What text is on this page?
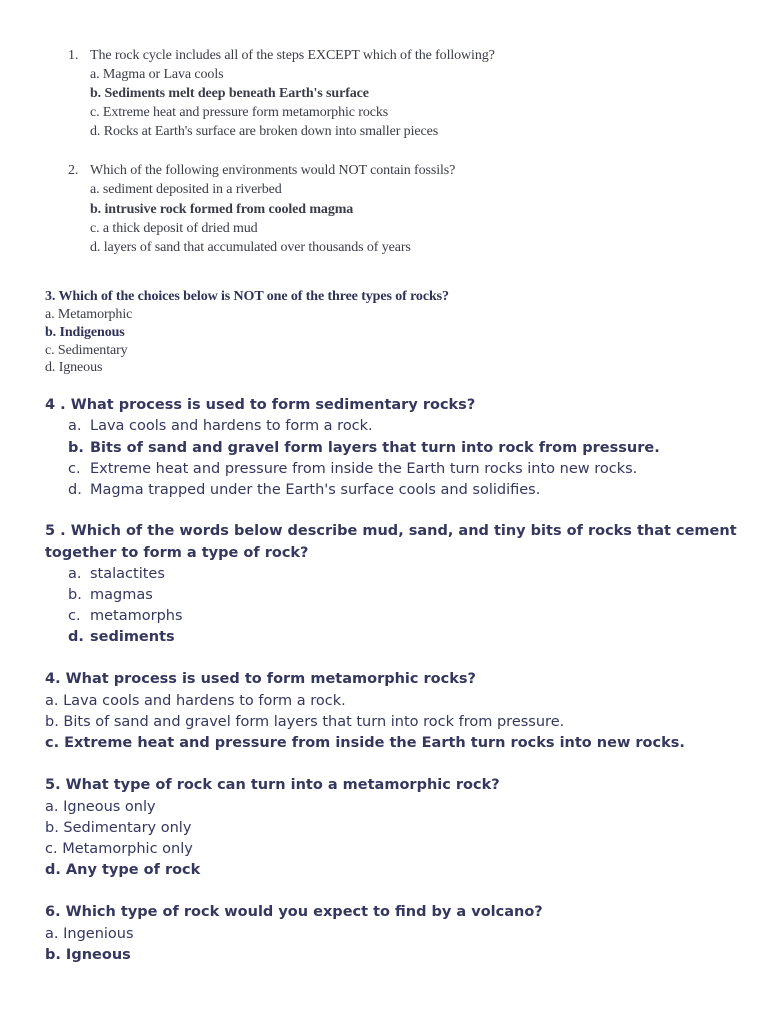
1. The rock cycle includes all of the steps EXCEPT which of the following?
a. Magma or Lava cools
b. Sediments melt deep beneath Earth's surface
c. Extreme heat and pressure form metamorphic rocks
d. Rocks at Earth's surface are broken down into smaller pieces
2. Which of the following environments would NOT contain fossils?
a. sediment deposited in a riverbed
b. intrusive rock formed from cooled magma
c. a thick deposit of dried mud
d. layers of sand that accumulated over thousands of years
3. Which of the choices below is NOT one of the three types of rocks?
a. Metamorphic
b. Indigenous
c. Sedimentary
d. Igneous
4 . What process is used to form sedimentary rocks?
a. Lava cools and hardens to form a rock.
b. Bits of sand and gravel form layers that turn into rock from pressure.
c. Extreme heat and pressure from inside the Earth turn rocks into new rocks.
d. Magma trapped under the Earth's surface cools and solidifies.
5 . Which of the words below describe mud, sand, and tiny bits of rocks that cement
together to form a type of rock?
a. stalactites
b. magmas
c. metamorphs
d. sediments
4. What process is used to form metamorphic rocks?
a. Lava cools and hardens to form a rock.
b. Bits of sand and gravel form layers that turn into rock from pressure.
c. Extreme heat and pressure from inside the Earth turn rocks into new rocks.
5. What type of rock can turn into a metamorphic rock?
a. Igneous only
b. Sedimentary only
c. Metamorphic only
d. Any type of rock
6. Which type of rock would you expect to find by a volcano?
a. Ingenious
b. Igneous
